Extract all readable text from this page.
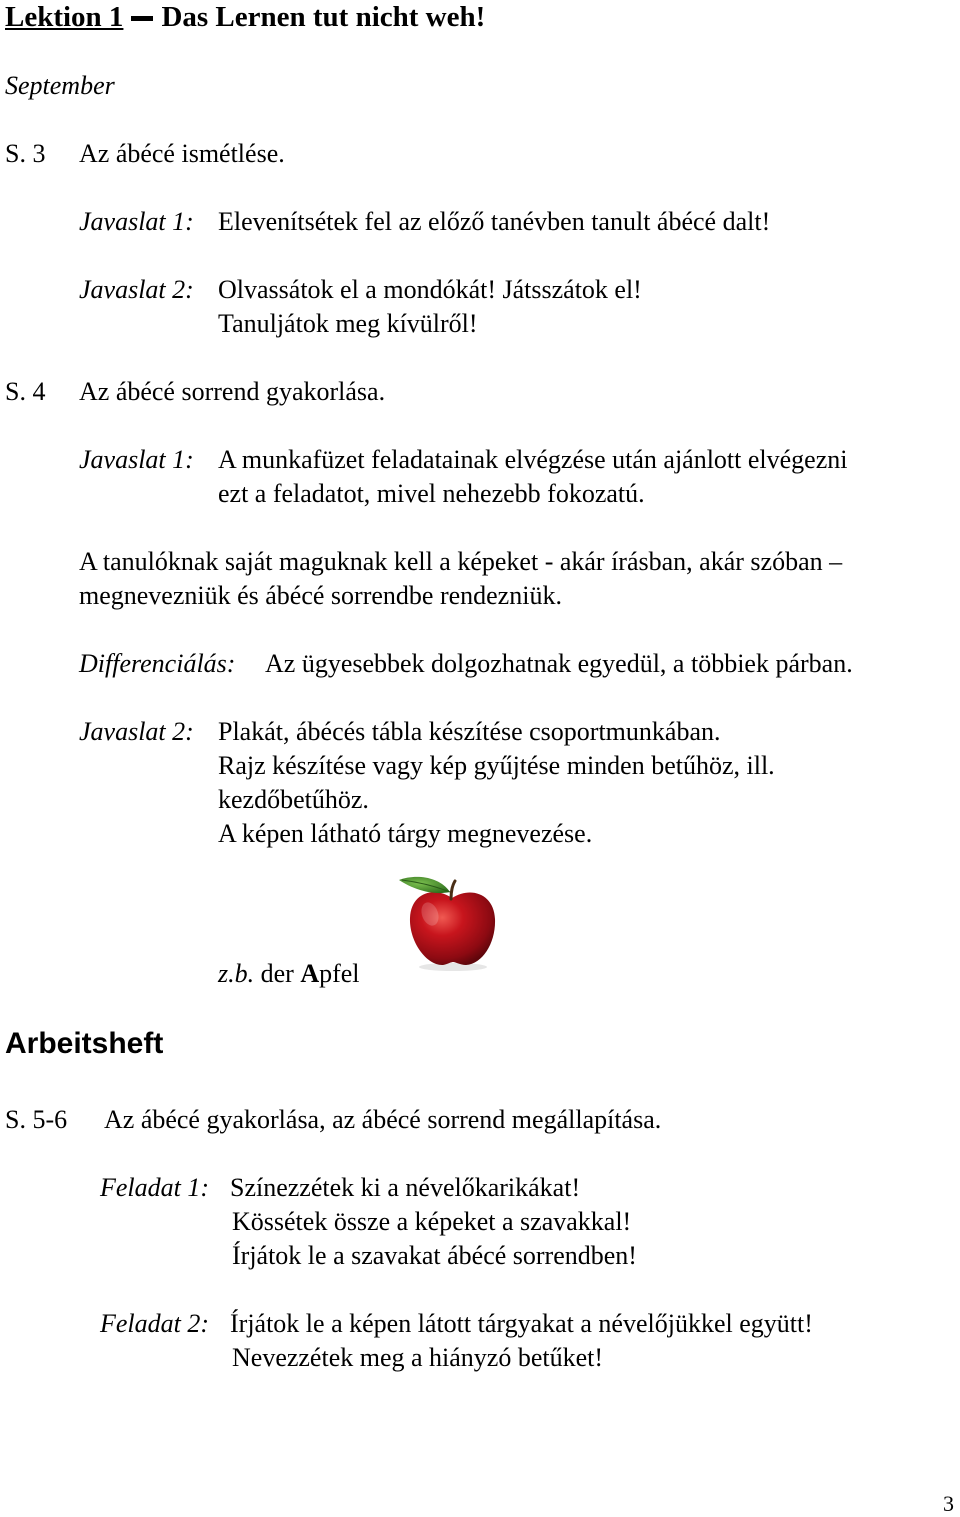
Lektion 1 Das Lernen tut nicht weh!
September
S. 3 Az ábécé ismétlése.
Javaslat 1: Elevenítsétek fel az előző tanévben tanult ábécé dalt!
Javaslat 2: Olvassátok el a mondókát! Játsszátok el!
Tanuljátok meg kívülről!
S. 4 Az ábécé sorrend gyakorlása.
Javaslat 1: A munkafüzet feladatainak elvégzése után ajánlott elvégezni
ezt a feladatot, mivel nehezebb fokozatú.
A tanulóknak saját maguknak kell a képeket - akár írásban, akár szóban –
megnevezniük és ábécé sorrendbe rendezniük.
Differenciálás: Az ügyesebbek dolgozhatnak egyedül, a többiek párban.
Javaslat 2: Plakát, ábécés tábla készítése csoportmunkában.
Rajz készítése vagy kép gyűjtése minden betűhöz, ill.
kezdőbetűhöz.
A képen látható tárgy megnevezése.
z.b. der Apfel
Arbeitsheft
S. 5-6 Az ábécé gyakorlása, az ábécé sorrend megállapítása.
Feladat 1: Színezzétek ki a névelőkarikákat!
Kössétek össze a képeket a szavakkal!
Írjátok le a szavakat ábécé sorrendben!
Feladat 2: Írjátok le a képen látott tárgyakat a névelőjükkel együtt!
Nevezzétek meg a hiányzó betűket!
3
